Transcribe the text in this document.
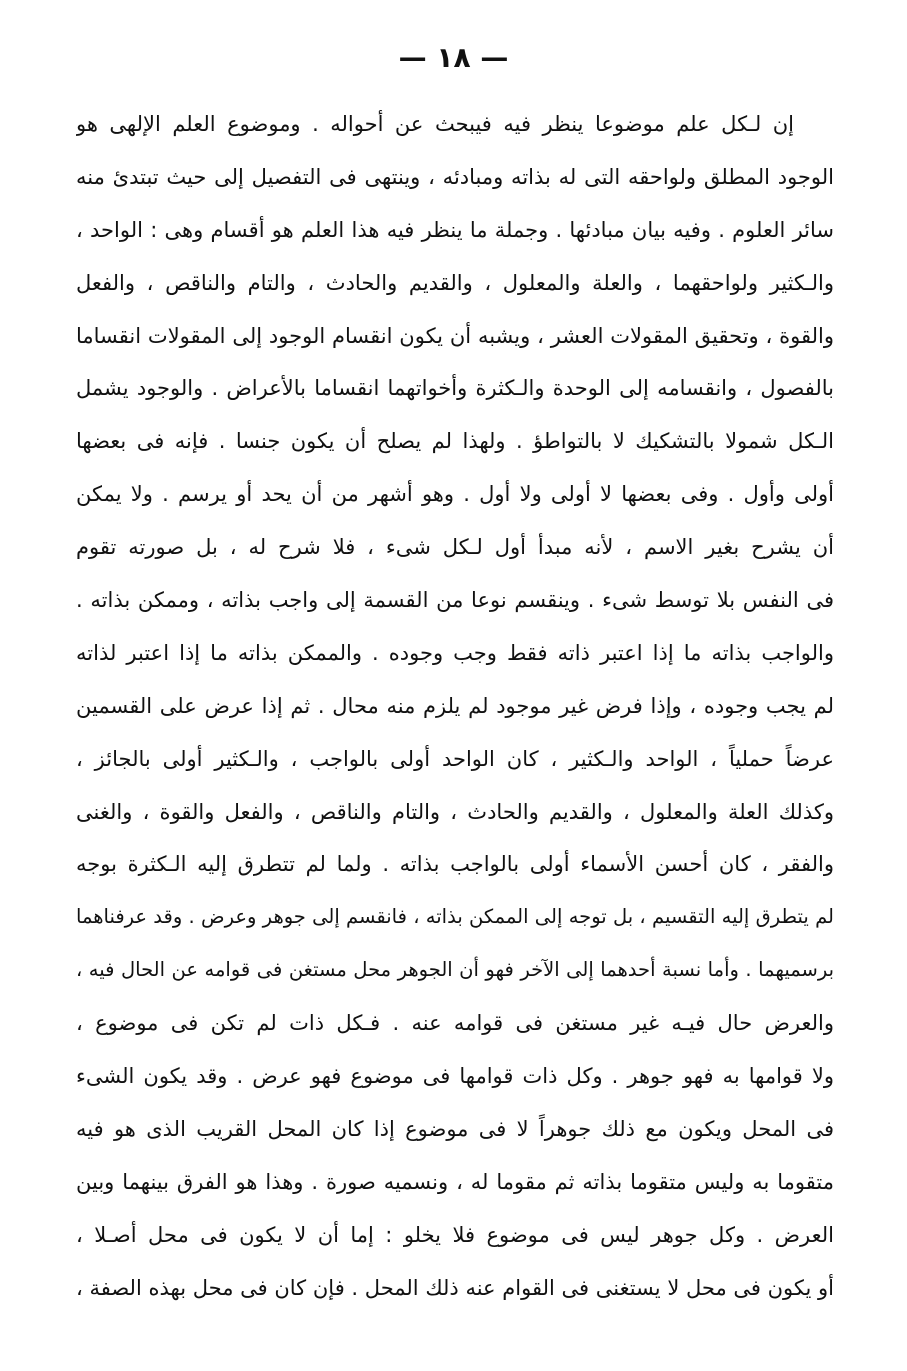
— ١٨ —
إن لـكل علم موضوعا ينظر فيه فيبحث عن أحواله . وموضوع العلم الإلهى هو
الوجود المطلق ولواحقه التى له بذاته ومبادئه ، وينتهى فى التفصيل إلى حيث تبتدئ منه
سائر العلوم . وفيه بيان مبادئها . وجملة ما ينظر فيه هذا العلم هو أقسام وهى : الواحد ،
والـكثير ولواحقهما ، والعلة والمعلول ، والقديم والحادث ، والتام والناقص ، والفعل
والقوة ، وتحقيق المقولات العشر ، ويشبه أن يكون انقسام الوجود إلى المقولات انقساما
بالفصول ، وانقسامه إلى الوحدة والـكثرة وأخواتهما انقساما بالأعراض . والوجود يشمل
الـكل شمولا بالتشكيك لا بالتواطؤ . ولهذا لم يصلح أن يكون جنسا . فإنه فى بعضها
أولى وأول . وفى بعضها لا أولى ولا أول . وهو أشهر من أن يحد أو يرسم . ولا يمكن
أن يشرح بغير الاسم ، لأنه مبدأ أول لـكل شىء ، فلا شرح له ، بل صورته تقوم
فى النفس بلا توسط شىء . وينقسم نوعا من القسمة إلى واجب بذاته ، وممكن بذاته .
والواجب بذاته ما إذا اعتبر ذاته فقط وجب وجوده . والممكن بذاته ما إذا اعتبر لذاته
لم يجب وجوده ، وإذا فرض غير موجود لم يلزم منه محال . ثم إذا عرض على القسمين
عرضاً حملياً ، الواحد والـكثير ، كان الواحد أولى بالواجب ، والـكثير أولى بالجائز ،
وكذلك العلة والمعلول ، والقديم والحادث ، والتام والناقص ، والفعل والقوة ، والغنى
والفقر ، كان أحسن الأسماء أولى بالواجب بذاته . ولما لم تتطرق إليه الـكثرة بوجه
لم يتطرق إليه التقسيم ، بل توجه إلى الممكن بذاته ، فانقسم إلى جوهر وعرض . وقد عرفناهما
برسميهما . وأما نسبة أحدهما إلى الآخر فهو أن الجوهر محل مستغن فى قوامه عن الحال فيه ،
والعرض حال فيـه غير مستغن فى قوامه عنه . فـكل ذات لم تكن فى موضوع ،
ولا قوامها به فهو جوهر . وكل ذات قوامها فى موضوع فهو عرض . وقد يكون الشىء
فى المحل ويكون مع ذلك جوهراً لا فى موضوع إذا كان المحل القريب الذى هو فيه
متقوما به وليس متقوما بذاته ثم مقوما له ، ونسميه صورة . وهذا هو الفرق بينهما وبين
العرض . وكل جوهر ليس فى موضوع فلا يخلو : إما أن لا يكون فى محل أصـلا ،
أو يكون فى محل لا يستغنى فى القوام عنه ذلك المحل . فإن كان فى محل بهذه الصفة ،
